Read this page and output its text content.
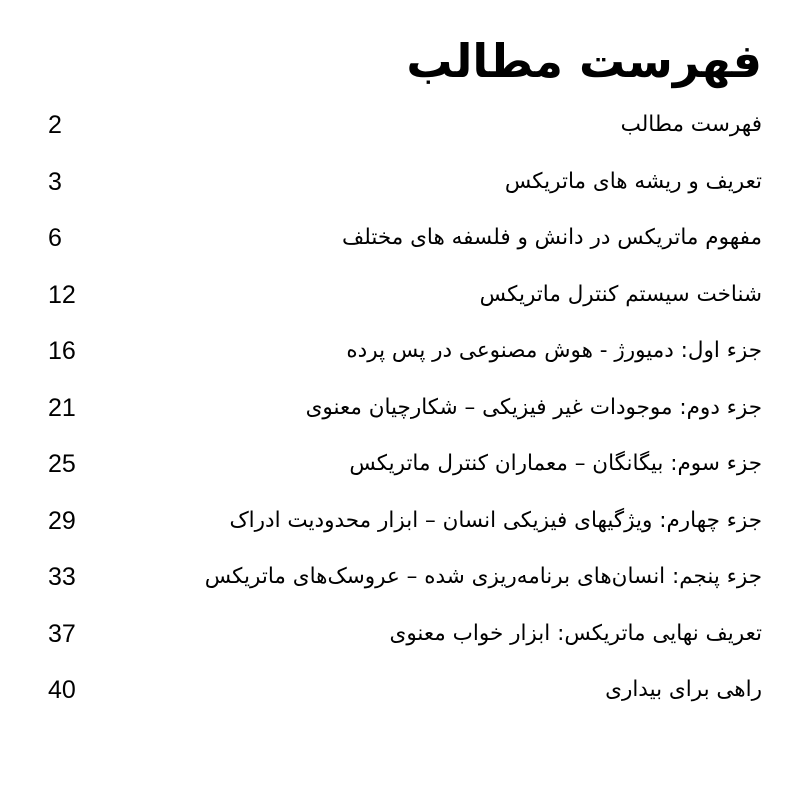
فهرست مطالب
2	فهرست مطالب
3	تعریف و ریشه های ماتریکس
6	مفهوم ماتریکس در دانش و فلسفه های مختلف
12	شناخت سیستم کنترل ماتریکس
16	جزء اول: دمیورژ - هوش مصنوعی در پس پرده
21	جزء دوم: موجودات غیر فیزیکی – شکارچیان معنوی
25	جزء سوم: بیگانگان – معماران کنترل ماتریکس
29	جزء چهارم: ویژگیهای فیزیکی انسان – ابزار محدودیت ادراک
33	جزء پنجم: انسان‌های برنامه‌ریزی شده – عروسک‌های ماتریکس
37	تعریف نهایی ماتریکس: ابزار خواب معنوی
40	راهی برای بیداری
